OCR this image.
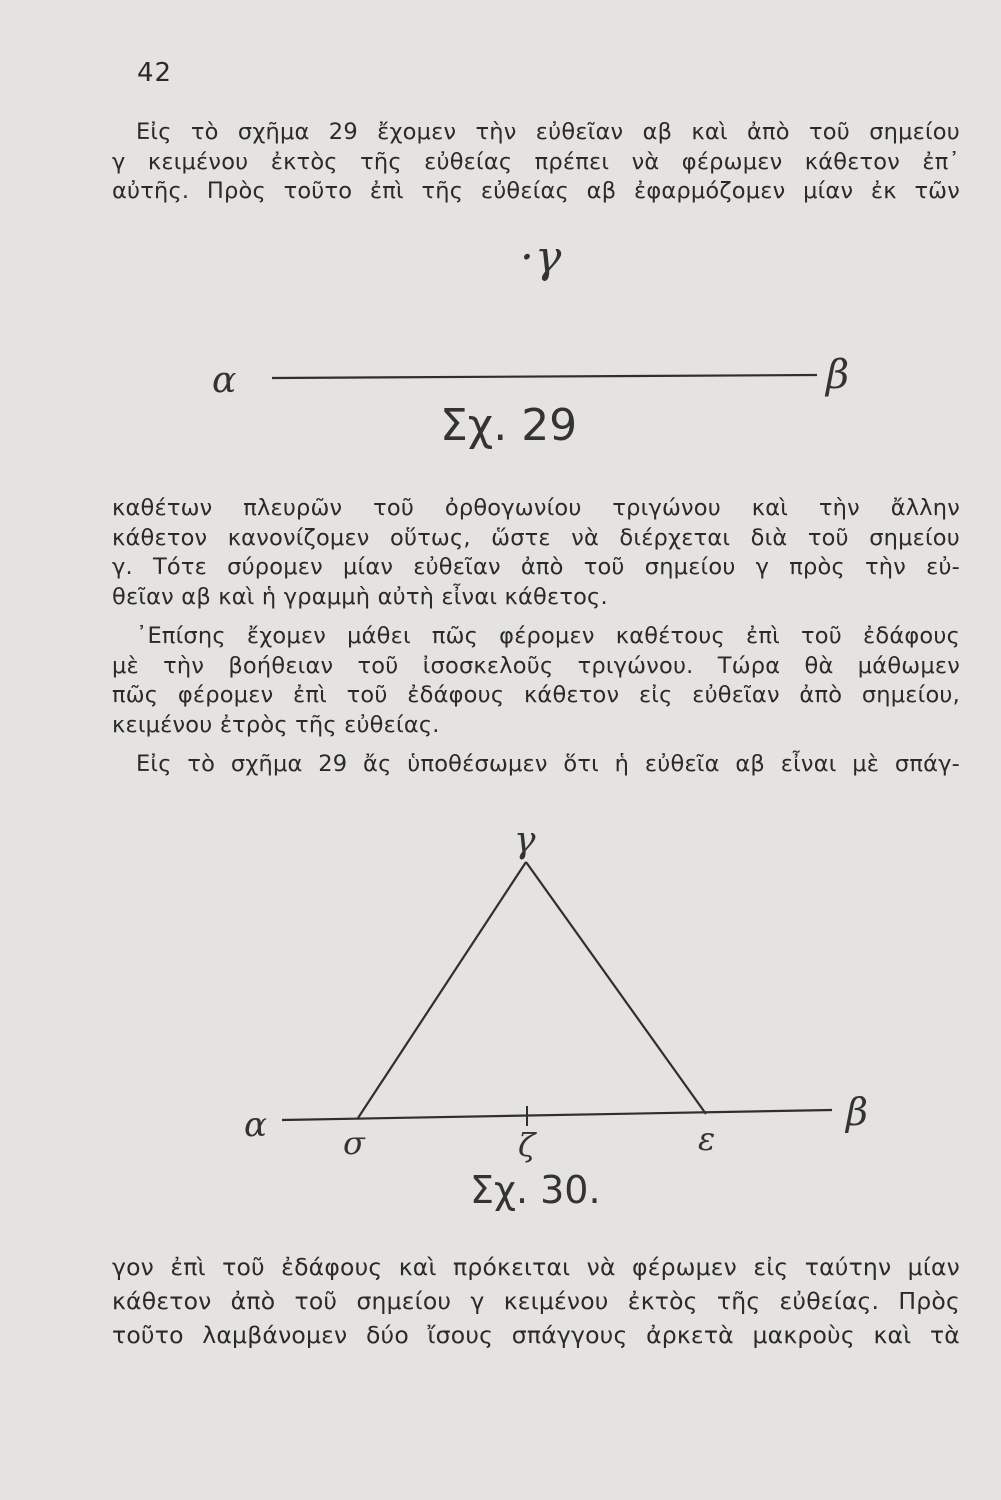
42
Εἰς τὸ σχῆμα 29 ἔχομεν τὴν εὐθεῖαν αβ καὶ ἀπὸ τοῦ σημείου
γ κειμένου ἐκτὸς τῆς εὐθείας πρέπει νὰ φέρωμεν κάθετον ἐπ᾿
αὐτῆς. Πρὸς τοῦτο ἐπὶ τῆς εὐθείας αβ ἐφαρμόζομεν μίαν ἐκ τῶν
· γ
α	β
Σχ. 29
καθέτων πλευρῶν τοῦ ὀρθογωνίου τριγώνου καὶ τὴν ἄλλην
κάθετον κανονίζομεν οὕτως, ὥστε νὰ διέρχεται διὰ τοῦ σημείου
γ. Τότε σύρομεν μίαν εὐθεῖαν ἀπὸ τοῦ σημείου γ πρὸς τὴν εὐ-
θεῖαν αβ καὶ ἡ γραμμὴ αὐτὴ εἶναι κάθετος.
᾿Επίσης ἔχομεν μάθει πῶς φέρομεν καθέτους ἐπὶ τοῦ ἐδάφους
μὲ τὴν βοήθειαν τοῦ ἰσοσκελοῦς τριγώνου. Τώρα θὰ μάθωμεν
πῶς φέρομεν ἐπὶ τοῦ ἐδάφους κάθετον εἰς εὐθεῖαν ἀπὸ σημείου,
κειμένου ἐτρὸς τῆς εὐθείας.
Εἰς τὸ σχῆμα 29 ἄς ὑποθέσωμεν ὅτι ἡ εὐθεῖα αβ εἶναι μὲ σπάγ-
γ
α	β
σ	ζ	ε
Σχ. 30.
γον ἐπὶ τοῦ ἐδάφους καὶ πρόκειται νὰ φέρωμεν εἰς ταύτην μίαν
κάθετον ἀπὸ τοῦ σημείου γ κειμένου ἐκτὸς τῆς εὐθείας. Πρὸς
τοῦτο λαμβάνομεν δύο ἴσους σπάγγους ἀρκετὰ μακροὺς καὶ τὰ
